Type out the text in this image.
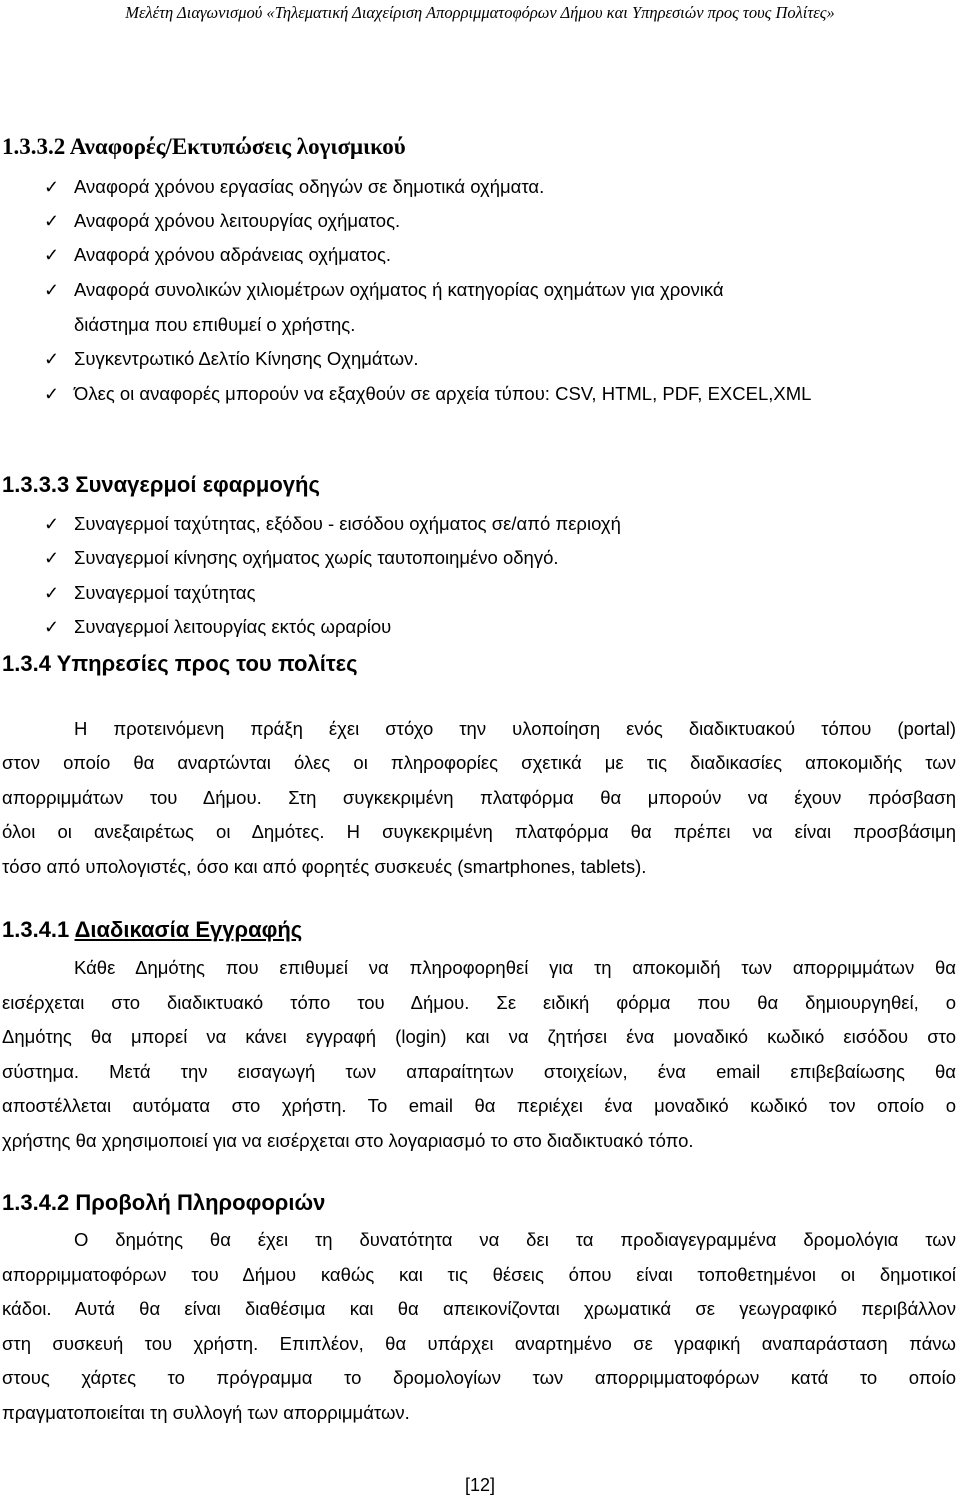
Μελέτη Διαγωνισμού «Τηλεματική Διαχείριση Απορριμματοφόρων Δήμου και Υπηρεσιών προς τους Πολίτες»
1.3.3.2 Αναφορές/Εκτυπώσεις λογισμικού
✓ Αναφορά χρόνου εργασίας οδηγών σε δημοτικά οχήματα.
✓ Αναφορά χρόνου λειτουργίας οχήματος.
✓ Αναφορά χρόνου αδράνειας οχήματος.
✓ Αναφορά συνολικών χιλιομέτρων οχήματος ή κατηγορίας οχημάτων για χρονικά
διάστημα που επιθυμεί ο χρήστης.
✓ Συγκεντρωτικό Δελτίο Κίνησης Οχημάτων.
✓ Όλες οι αναφορές μπορούν να εξαχθούν σε αρχεία τύπου: CSV, HTML, PDF, EXCEL,XML
1.3.3.3 Συναγερμοί εφαρμογής
✓ Συναγερμοί ταχύτητας, εξόδου - εισόδου οχήματος σε/από περιοχή
✓ Συναγερμοί κίνησης οχήματος χωρίς ταυτοποιημένο οδηγό.
✓ Συναγερμοί ταχύτητας
✓ Συναγερμοί λειτουργίας εκτός ωραρίου
1.3.4 Υπηρεσίες προς του πολίτες
Η προτεινόμενη πράξη έχει στόχο την υλοποίηση ενός διαδικτυακού τόπου (portal)
στον οποίο θα αναρτώνται όλες οι πληροφορίες σχετικά με τις διαδικασίες αποκομιδής των
απορριμμάτων του Δήμου. Στη συγκεκριμένη πλατφόρμα θα μπορούν να έχουν πρόσβαση
όλοι οι ανεξαιρέτως οι Δημότες. Η συγκεκριμένη πλατφόρμα θα πρέπει να είναι προσβάσιμη
τόσο από υπολογιστές, όσο και από φορητές συσκευές (smartphones, tablets).
1.3.4.1 Διαδικασία Εγγραφής
Κάθε Δημότης που επιθυμεί να πληροφορηθεί για τη αποκομιδή των απορριμμάτων θα
εισέρχεται στο διαδικτυακό τόπο του Δήμου. Σε ειδική φόρμα που θα δημιουργηθεί, ο
Δημότης θα μπορεί να κάνει εγγραφή (login) και να ζητήσει ένα μοναδικό κωδικό εισόδου στο
σύστημα. Μετά την εισαγωγή των απαραίτητων στοιχείων, ένα email επιβεβαίωσης θα
αποστέλλεται αυτόματα στο χρήστη. Το email θα περιέχει ένα μοναδικό κωδικό τον οποίο ο
χρήστης θα χρησιμοποιεί για να εισέρχεται στο λογαριασμό το στο διαδικτυακό τόπο.
1.3.4.2 Προβολή Πληροφοριών
Ο δημότης θα έχει τη δυνατότητα να δει τα προδιαγεγραμμένα δρομολόγια των
απορριμματοφόρων του Δήμου καθώς και τις θέσεις όπου είναι τοποθετημένοι οι δημοτικοί
κάδοι. Αυτά θα είναι διαθέσιμα και θα απεικονίζονται χρωματικά σε γεωγραφικό περιβάλλον
στη συσκευή του χρήστη. Επιπλέον, θα υπάρχει αναρτημένο σε γραφική αναπαράσταση πάνω
στους χάρτες το πρόγραμμα το δρομολογίων των απορριμματοφόρων κατά το οποίο
πραγματοποιείται τη συλλογή των απορριμμάτων.
[12]
